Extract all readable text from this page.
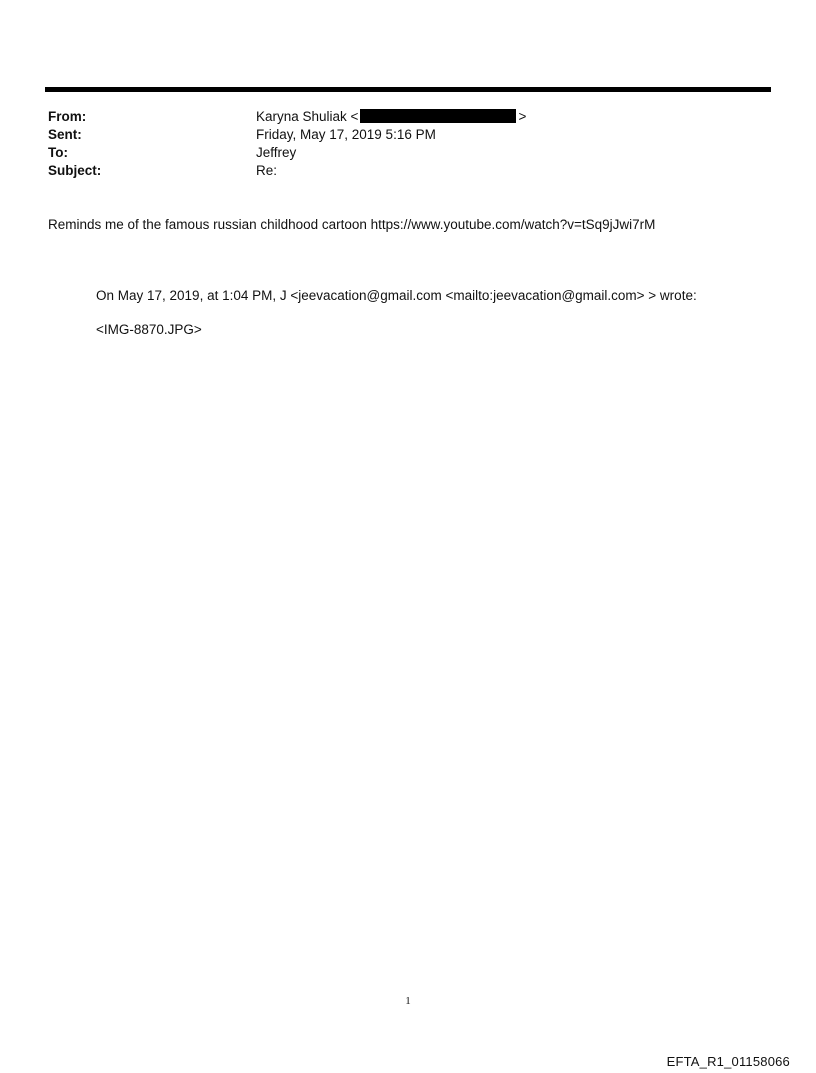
From:	Karyna Shuliak <	>
Sent:	Friday, May 17, 2019 5:16 PM
To:	Jeffrey
Subject:	Re:
Reminds me of the famous russian childhood cartoon https://www.youtube.com/watch?v=tSq9jJwi7rM
On May 17, 2019, at 1:04 PM, J <jeevacation@gmail.com <mailto:jeevacation@gmail.com> > wrote:
<IMG-8870.JPG>
1
EFTA_R1_01158066
